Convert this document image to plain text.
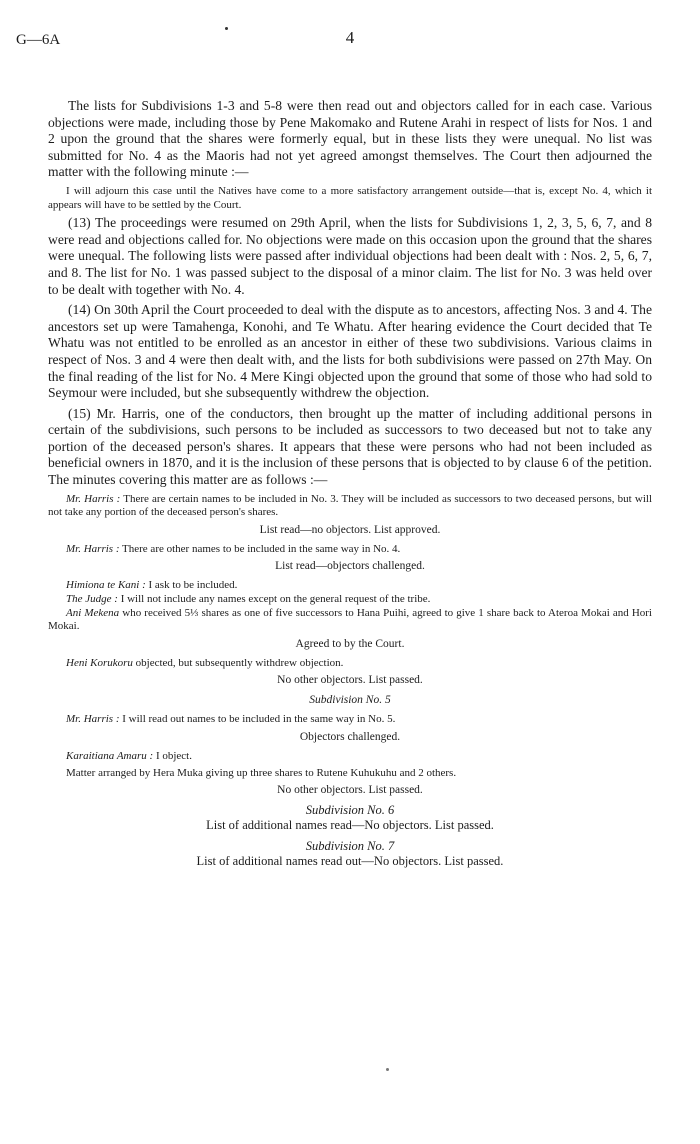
G—6A	4

The lists for Subdivisions 1-3 and 5-8 were then read out and objectors called for in each case. Various objections were made, including those by Pene Makomako and Rutene Arahi in respect of lists for Nos. 1 and 2 upon the ground that the shares were formerly equal, but in these lists they were unequal. No list was submitted for No. 4 as the Maoris had not yet agreed amongst themselves. The Court then adjourned the matter with the following minute :—

I will adjourn this case until the Natives have come to a more satisfactory arrangement outside—that is, except No. 4, which it appears will have to be settled by the Court.

(13) The proceedings were resumed on 29th April, when the lists for Subdivisions 1, 2, 3, 5, 6, 7, and 8 were read and objections called for. No objections were made on this occasion upon the ground that the shares were unequal. The following lists were passed after individual objections had been dealt with : Nos. 2, 5, 6, 7, and 8. The list for No. 1 was passed subject to the disposal of a minor claim. The list for No. 3 was held over to be dealt with together with No. 4.

(14) On 30th April the Court proceeded to deal with the dispute as to ancestors, affecting Nos. 3 and 4. The ancestors set up were Tamahenga, Konohi, and Te Whatu. After hearing evidence the Court decided that Te Whatu was not entitled to be enrolled as an ancestor in either of these two subdivisions. Various claims in respect of Nos. 3 and 4 were then dealt with, and the lists for both subdivisions were passed on 27th May. On the final reading of the list for No. 4 Mere Kingi objected upon the ground that some of those who had sold to Seymour were included, but she subsequently withdrew the objection.

(15) Mr. Harris, one of the conductors, then brought up the matter of including additional persons in certain of the subdivisions, such persons to be included as successors to two deceased but not to take any portion of the deceased person's shares. It appears that these were persons who had not been included as beneficial owners in 1870, and it is the inclusion of these persons that is objected to by clause 6 of the petition. The minutes covering this matter are as follows :—

Mr. Harris : There are certain names to be included in No. 3. They will be included as successors to two deceased persons, but will not take any portion of the deceased person's shares.

List read—no objectors. List approved.

Mr. Harris : There are other names to be included in the same way in No. 4.

List read—objectors challenged.

Himiona te Kani : I ask to be included.

The Judge : I will not include any names except on the general request of the tribe.

Ani Mekena who received 5⅓ shares as one of five successors to Hana Puihi, agreed to give 1 share back to Ateroa Mokai and Hori Mokai.

Agreed to by the Court.

Heni Korukoru objected, but subsequently withdrew objection.

No other objectors. List passed.

Subdivision No. 5

Mr. Harris : I will read out names to be included in the same way in No. 5.

Objectors challenged.

Karaitiana Amaru : I object.

Matter arranged by Hera Muka giving up three shares to Rutene Kuhukuhu and 2 others.

No other objectors. List passed.

Subdivision No. 6

List of additional names read—No objectors. List passed.

Subdivision No. 7

List of additional names read out—No objectors. List passed.
